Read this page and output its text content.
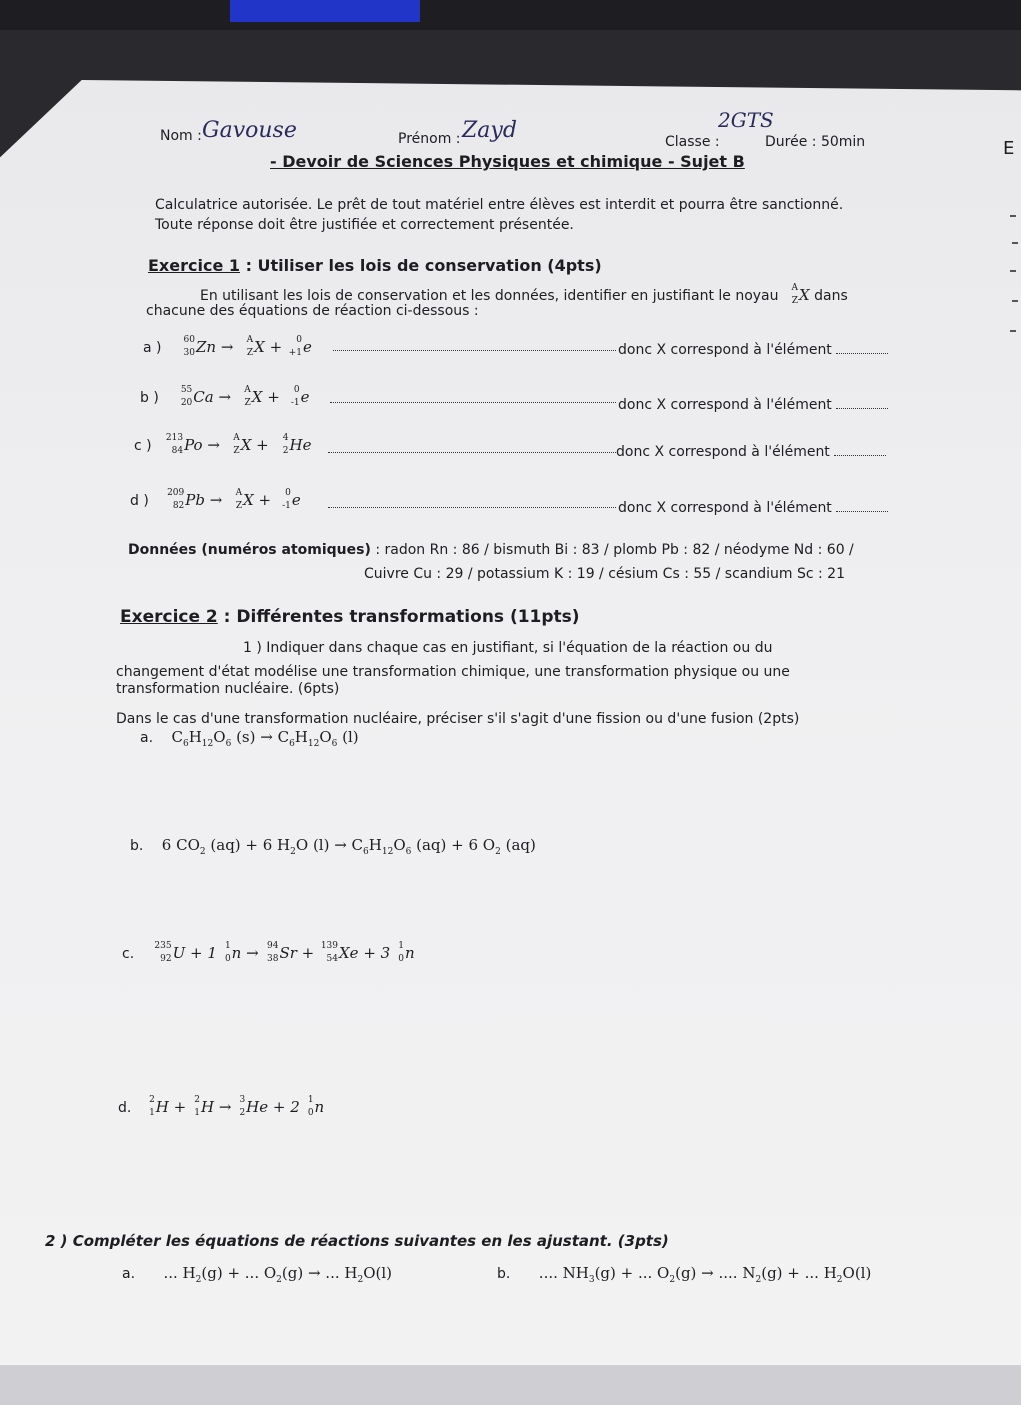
Nom : Gavouse	Prénom : Zayd	Classe :
2GTS
Durée : 50min	E
- Devoir de Sciences Physiques et chimique - Sujet B
Calculatrice autorisée. Le prêt de tout matériel entre élèves est interdit et pourra être sanctionné.
Toute réponse doit être justifiée et correctement présentée.
Exercice 1 : Utiliser les lois de conservation (4pts)
En utilisant les lois de conservation et les données, identifier en justifiant le noyau A
Z X dans
chacune des équations de réaction ci-dessous :
a ) 60
30 Zn → A
Z X + 0
+1 e
b ) 55
20 Ca → A
Z X + 0
-1 e
c ) 213
84 Po → A
Z X + 4
2 He
d ) 209
82 Pb → A
Z X + 0
-1 e
donc X correspond à l'élément
donc X correspond à l'élément
donc X correspond à l'élément
donc X correspond à l'élément
Données (numéros atomiques) : radon Rn : 86 / bismuth Bi : 83 / plomb Pb : 82 / néodyme Nd : 60 /
Cuivre Cu : 29 / potassium K : 19 / césium Cs : 55 / scandium Sc : 21
Exercice 2 : Différentes transformations (11pts)
1 ) Indiquer dans chaque cas en justifiant, si l'équation de la réaction ou du
changement d'état modélise une transformation chimique, une transformation physique ou une
transformation nucléaire. (6pts)
Dans le cas d'une transformation nucléaire, préciser s'il s'agit d'une fission ou d'une fusion (2pts)
a. $C_6H_{12}O_6$ $(s) \to C_6H_{12}O_6$ (l)
b. 6 $CO_2$ (aq) + 6 $H_2O$ $(l) \to C_6H_{12}O_6$ (aq) + 6 $O_2$ (aq)
c. 235
92 U + 1 1
0 n → 94
38 Sr + 139
54 Xe + 3 1
0 n
d. 2
1 H + 2
1 H → 3
2 He + 2 1
0 n
2 ) Compléter les équations de réactions suivantes en les ajustant. (3pts)
a. ... $H_2(g)$ + ... $O_2(g)$ → ... $H_2O(l)$	b. .... $NH_3(g)$ + ... $O_2(g)$ → .... $N_2(g)$ + ... $H_2O(l)$
